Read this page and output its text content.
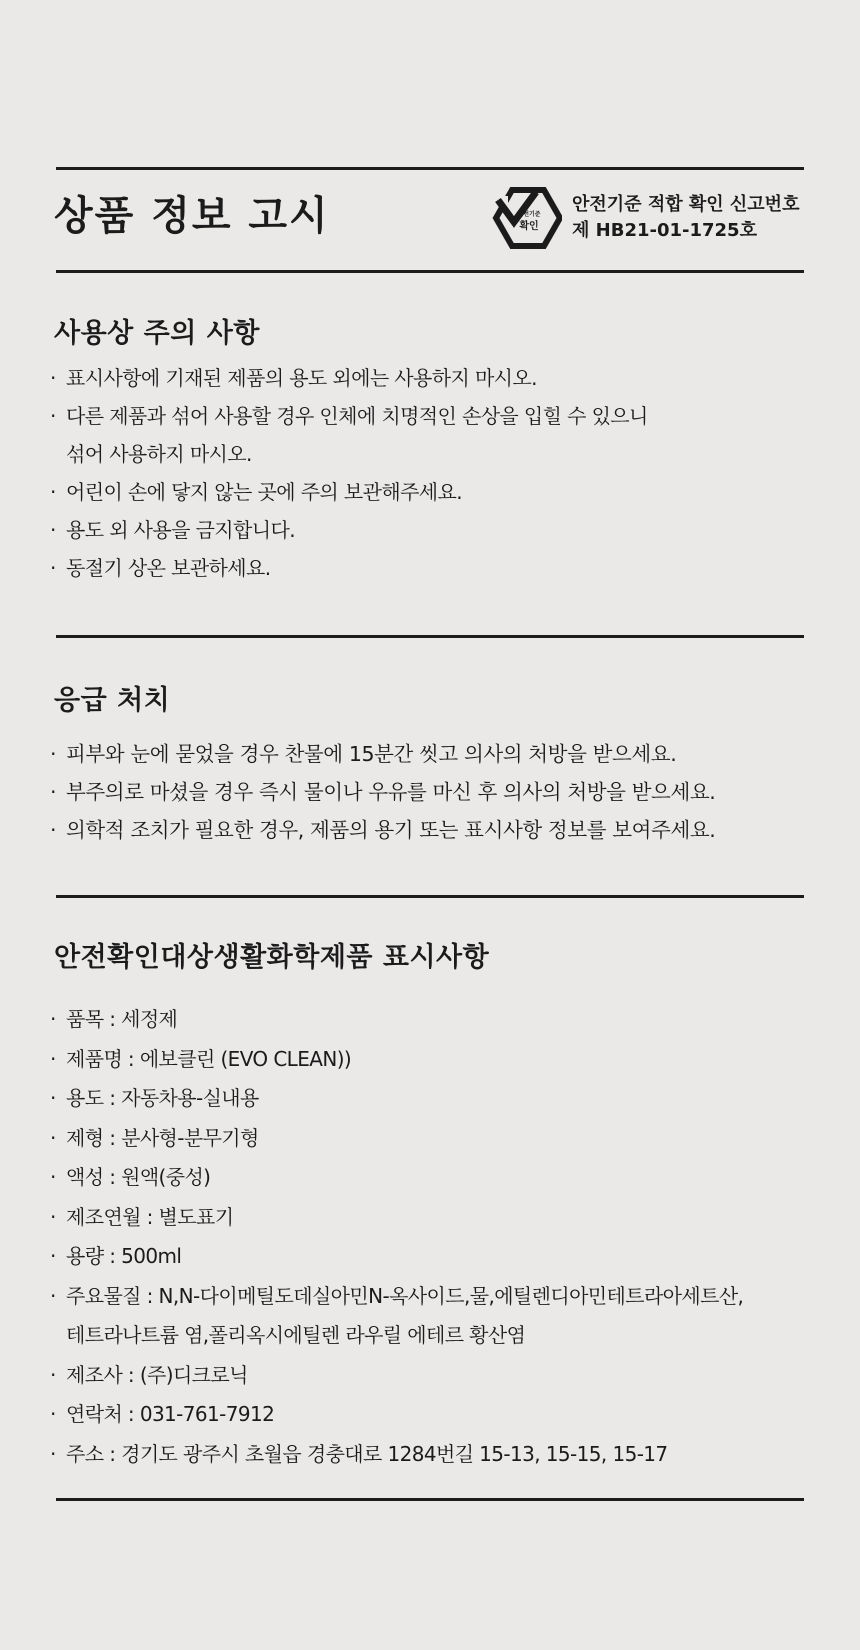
상품 정보 고시	안전기준
확인
안전기준 적합 확인 신고번호
제 HB21-01-1725호
사용상 주의 사항
· 표시사항에 기재된 제품의 용도 외에는 사용하지 마시오.
· 다른 제품과 섞어 사용할 경우 인체에 치명적인 손상을 입힐 수 있으니
섞어 사용하지 마시오.
· 어린이 손에 닿지 않는 곳에 주의 보관해주세요.
· 용도 외 사용을 금지합니다.
· 동절기 상온 보관하세요.
응급 처치
· 피부와 눈에 묻었을 경우 찬물에 15분간 씻고 의사의 처방을 받으세요.
· 부주의로 마셨을 경우 즉시 물이나 우유를 마신 후 의사의 처방을 받으세요.
· 의학적 조치가 필요한 경우, 제품의 용기 또는 표시사항 정보를 보여주세요.
안전확인대상생활화학제품 표시사항
· 품목 : 세정제
· 제품명 : 에보클린 (EVO CLEAN))
· 용도 : 자동차용-실내용
· 제형 : 분사형-분무기형
· 액성 : 원액(중성)
· 제조연월 : 별도표기
· 용량 : 500ml
· 주요물질 : N,N-다이메틸도데실아민N-옥사이드,물,에틸렌디아민테트라아세트산,
테트라나트륨 염,폴리옥시에틸렌 라우릴 에테르 황산염
· 제조사 : (주)디크로닉
· 연락처 : 031-761-7912
· 주소 : 경기도 광주시 초월읍 경충대로 1284번길 15-13, 15-15, 15-17
